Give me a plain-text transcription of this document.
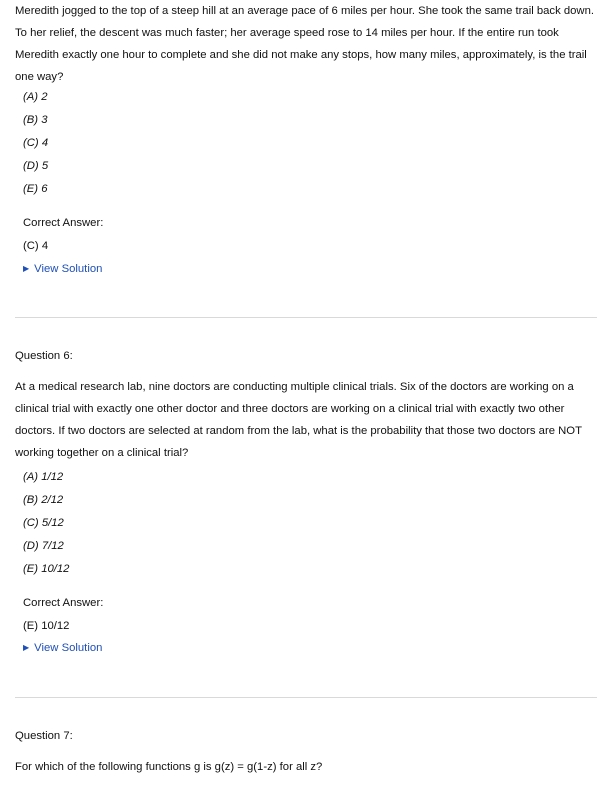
Meredith jogged to the top of a steep hill at an average pace of 6 miles per hour. She took the same trail back down. To her relief, the descent was much faster; her average speed rose to 14 miles per hour. If the entire run took Meredith exactly one hour to complete and she did not make any stops, how many miles, approximately, is the trail one way?
(A) 2
(B) 3
(C) 4
(D) 5
(E) 6
Correct Answer:
(C) 4
▶ View Solution
Question 6:
At a medical research lab, nine doctors are conducting multiple clinical trials. Six of the doctors are working on a clinical trial with exactly one other doctor and three doctors are working on a clinical trial with exactly two other doctors. If two doctors are selected at random from the lab, what is the probability that those two doctors are NOT working together on a clinical trial?
(A) 1/12
(B) 2/12
(C) 5/12
(D) 7/12
(E) 10/12
Correct Answer:
(E) 10/12
▶ View Solution
Question 7:
For which of the following functions g is g(z) = g(1-z) for all z?
